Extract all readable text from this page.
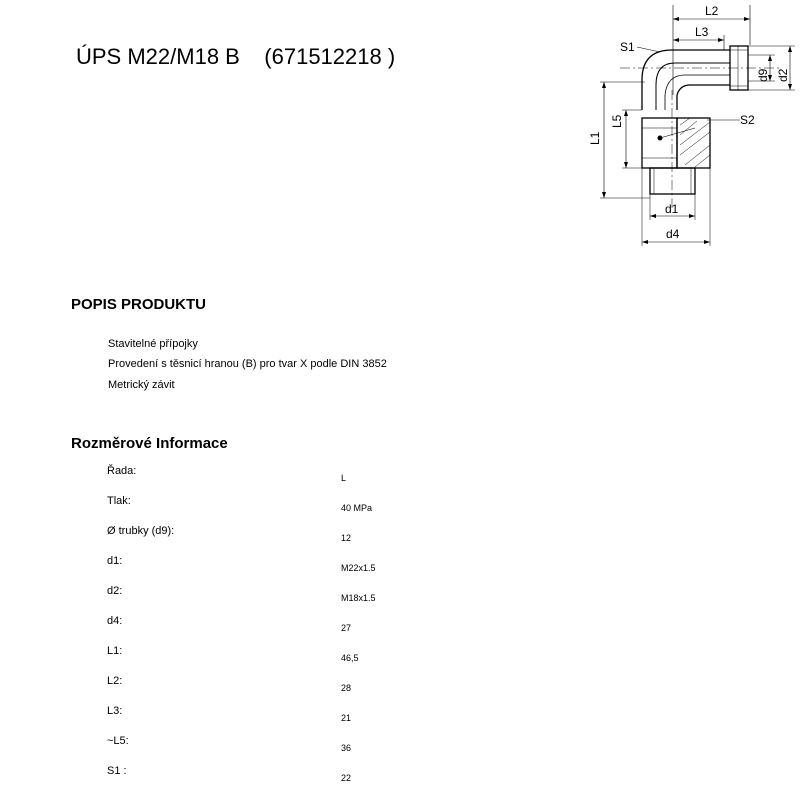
ÚPS M22/M18 B    (671512218 )
L2
L3
S1
d9 d2
S2
L1
L5
d1
d4
POPIS PRODUKTU
Stavitelné přípojky
Provedení s těsnicí hranou (B) pro tvar X podle DIN 3852
Metrický závit
Rozměrové Informace
Řada:
L
Tlak:
40 MPa
Ø trubky (d9):
12
d1:
M22x1.5
d2:
M18x1.5
d4:
27
L1:
46,5
L2:
28
L3:
21
~L5:
36
S1 :
22
